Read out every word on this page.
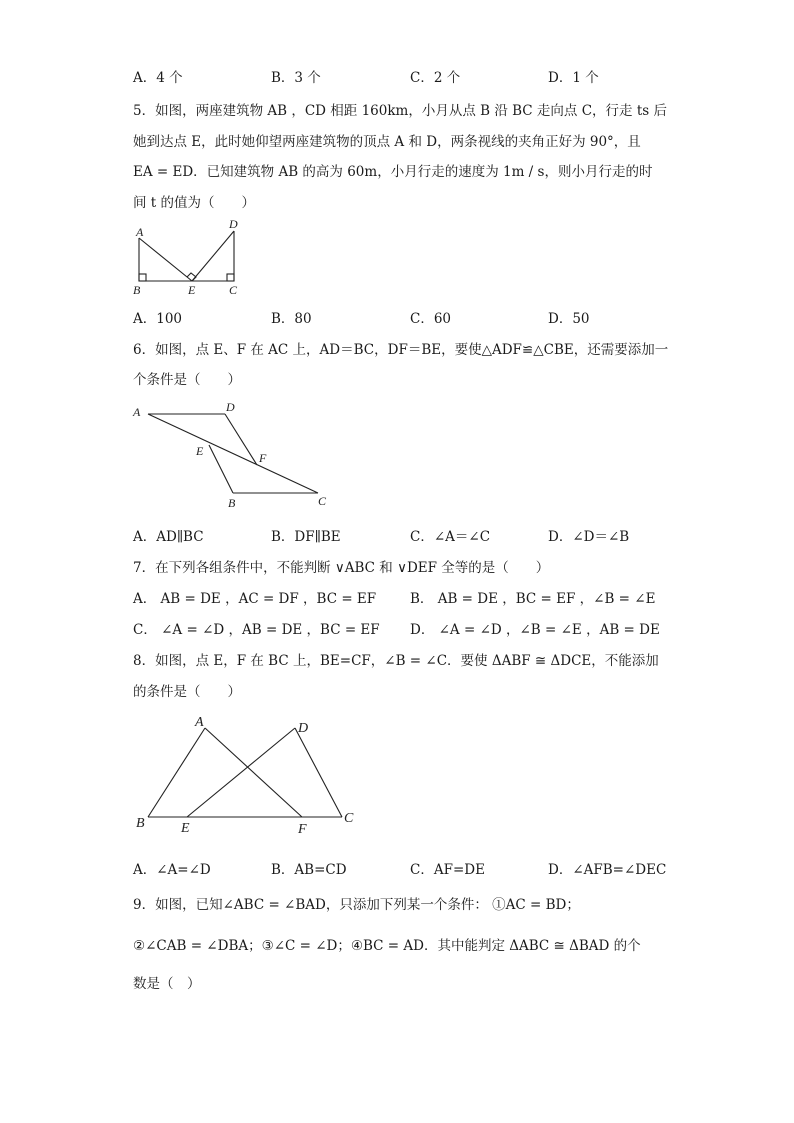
A．4 个	B．3 个	C．2 个	D．1 个
5．如图，两座建筑物 AB ，CD 相距 160km，小月从点 B 沿 BC 走向点 C，行走 ts 后
她到达点 E，此时她仰望两座建筑物的顶点 A 和 D，两条视线的夹角正好为 90°，且
EA = ED．已知建筑物 AB 的高为 60m，小月行走的速度为 1m / s，则小月行走的时
间 t 的值为（　　）
A
B	E	C
D
A．100	B．80	C．60	D．50
6．如图，点 E、F 在 AC 上，AD＝BC，DF＝BE，要使△ADF≌△CBE，还需要添加一
个条件是（　　）
A	D
E	F
B	C
A．AD∥BC	B．DF∥BE	C．∠A＝∠C	D．∠D＝∠B
7．在下列各组条件中，不能判断 ∨ABC 和 ∨DEF 全等的是（　　）
A． AB = DE ，AC = DF ，BC = EF	B． AB = DE ，BC = EF ，∠B = ∠E
C． ∠A = ∠D ，AB = DE ，BC = EF D． ∠A = ∠D ，∠B = ∠E ，AB = DE
8．如图，点 E，F 在 BC 上，BE=CF，∠B = ∠C．要使 ΔABF ≅ ΔDCE，不能添加
的条件是（　　）
A	D
B	E	F
C
A．∠A=∠D	B．AB=CD	C．AF=DE	D．∠AFB=∠DEC
9．如图，已知∠ABC = ∠BAD，只添加下列某一个条件： ①AC = BD；
②∠CAB = ∠DBA；③∠C = ∠D；④BC = AD．其中能判定 ΔABC ≅ ΔBAD 的个
数是（　）
